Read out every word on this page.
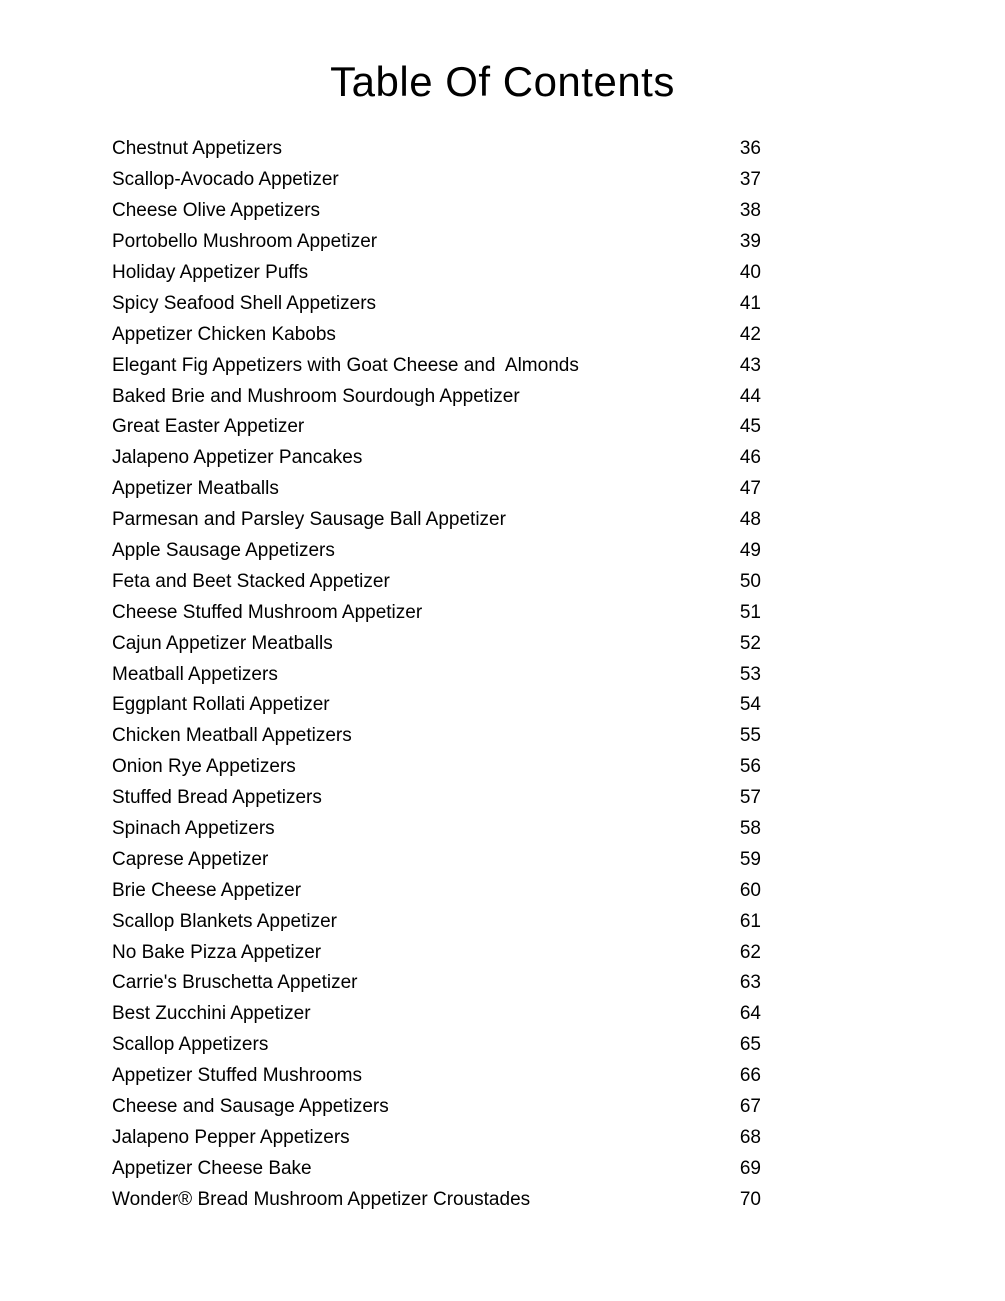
Table Of Contents
Chestnut Appetizers	36
Scallop-Avocado Appetizer	37
Cheese Olive Appetizers	38
Portobello Mushroom Appetizer	39
Holiday Appetizer Puffs	40
Spicy Seafood Shell Appetizers	41
Appetizer Chicken Kabobs	42
Elegant Fig Appetizers with Goat Cheese and  Almonds	43
Baked Brie and Mushroom Sourdough Appetizer	44
Great Easter Appetizer	45
Jalapeno Appetizer Pancakes	46
Appetizer Meatballs	47
Parmesan and Parsley Sausage Ball Appetizer	48
Apple Sausage Appetizers	49
Feta and Beet Stacked Appetizer	50
Cheese Stuffed Mushroom Appetizer	51
Cajun Appetizer Meatballs	52
Meatball Appetizers	53
Eggplant Rollati Appetizer	54
Chicken Meatball Appetizers	55
Onion Rye Appetizers	56
Stuffed Bread Appetizers	57
Spinach Appetizers	58
Caprese Appetizer	59
Brie Cheese Appetizer	60
Scallop Blankets Appetizer	61
No Bake Pizza Appetizer	62
Carrie's Bruschetta Appetizer	63
Best Zucchini Appetizer	64
Scallop Appetizers	65
Appetizer Stuffed Mushrooms	66
Cheese and Sausage Appetizers	67
Jalapeno Pepper Appetizers	68
Appetizer Cheese Bake	69
Wonder® Bread Mushroom Appetizer Croustades	70
